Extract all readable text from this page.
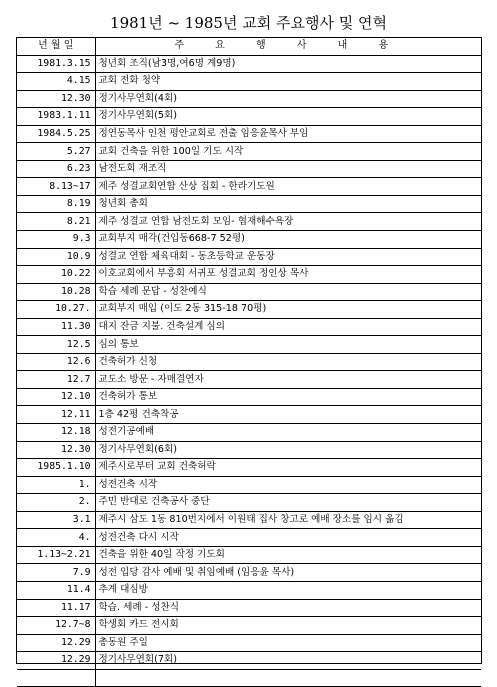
1981년 ~ 1985년 교회 주요행사 및 연혁
년 월 일	주 요 행 사 내 용
1981.3.15	청년회 조직(남3명,여6명 계9명)
4.15	교회 전화 청약
12.30	정기사무연회(4회)
1983.1.11	정기사무연회(5회)
1984.5.25	정연동목사 인천 평안교회로 전출 임응윤목사 부임
5.27	교회 건축을 위한 100일 기도 시작
6.23	남전도회 재조직
8.13~17	제주 성결교회연합 산상 집회 - 한라기도원
8.19	청년회 총회
8.21	제주 성결교 연합 남전도회 모임- 협재해수욕장
9.3	교회부지 매각(건입동668-7 52평)
10.9	성결교 연합 체육대회 - 동초등학교 운동장
10.22	이호교회에서 부흥회 서귀포 성결교회 정인상 목사
10.28	학습 세례 문답 - 성찬예식
10.27.	교회부지 매입 (이도 2동 315-18 70평)
11.30	대지 잔금 지불. 건축설계 심의
12.5	심의 통보
12.6	건축허가 신청
12.7	교도소 방문 - 자매결연자
12.10	건축허가 통보
12.11	1층 42평 건축착공
12.18	성전기공예배
12.30	정기사무연회(6회)
1985.1.10	제주시로부터 교회 건축허락
1.	성전건축 시작
2.	주민 반대로 건축공사 중단
3.1	제주시 삼도 1동 810번지에서 이원태 집사 창고로 예배 장소를 임시 옮김
4.	성전건축 다시 시작
1.13~2.21	건축을 위한 40일 작정 기도회
7.9	성전 입당 감사 예배 및 취임예배 (임응윤 목사)
11.4	추계 대심방
11.17	학습. 세례 - 성찬식
12.7~8	학생회 카드 전시회
12.29	총동원 주일
12.29	정기사무연회(7회)
